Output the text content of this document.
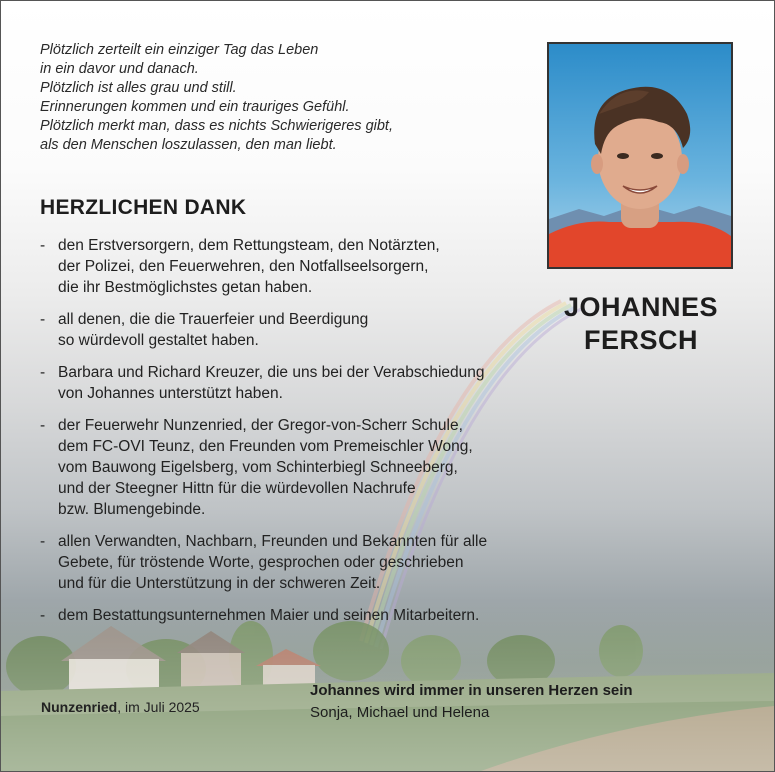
Plötzlich zerteilt ein einziger Tag das Leben
in ein davor und danach.
Plötzlich ist alles grau und still.
Erinnerungen kommen und ein trauriges Gefühl.
Plötzlich merkt man, dass es nichts Schwierigeres gibt,
als den Menschen loszulassen, den man liebt.
HERZLICHEN DANK
- den Erstversorgern, dem Rettungsteam, den Notärzten,
der Polizei, den Feuerwehren, den Notfallseelsorgern,
die ihr Bestmöglichstes getan haben.
- all denen, die die Trauerfeier und Beerdigung
so würdevoll gestaltet haben.
- Barbara und Richard Kreuzer, die uns bei der Verabschiedung
von Johannes unterstützt haben.
- der Feuerwehr Nunzenried, der Gregor-von-Scherr Schule,
dem FC-OVI Teunz, den Freunden vom Premeischler Wong,
vom Bauwong Eigelsberg, vom Schinterbiegl Schneeberg,
und der Steegner Hittn für die würdevollen Nachrufe
bzw. Blumengebinde.
- allen Verwandten, Nachbarn, Freunden und Bekannten für alle
Gebete, für tröstende Worte, gesprochen oder geschrieben
und für die Unterstützung in der schweren Zeit.
- dem Bestattungsunternehmen Maier und seinen Mitarbeitern.
JOHANNES
FERSCH
Nunzenried, im Juli 2025
Johannes wird immer in unseren Herzen sein
Sonja, Michael und Helena
